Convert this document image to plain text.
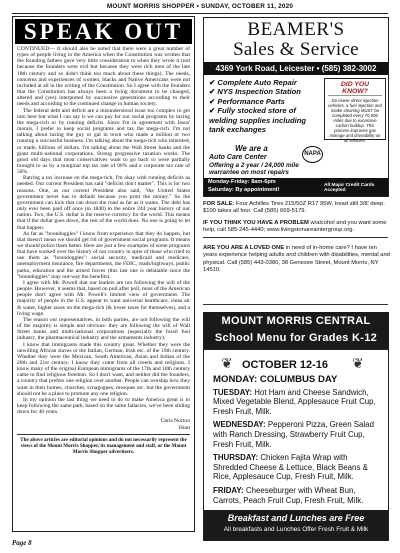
MOUNT MORRIS SHOPPER • SUNDAY, OCTOBER 11, 2020
SPEAK OUT

CONTINUED— It should also be noted that there were a great number of types of people living in the America when the Constitution was written that the founding fathers gave very little consideration to when they wrote it (not because the founders were evil but because they were rich men of the late 18th century and so didn't think too much about these things). The needs, concerns and experiences of women, blacks and Native Americans were not included at all in the writing of the Constitution. So I agree with the founders that the Constitution has always been a living document to be changed, altered and (yes) interpreted by successive generations according to their needs and according to the continued change in human society.

The federal debt and deficit are a misunderstood issue too complex to get into here but what I can say is we can pay for our social programs by taxing the mega-rich or by running deficits. Since I'm in agreement with Jesus' morals, I prefer to keep social programs and tax the mega-rich. I'm not talking about taxing the guy or gal in town who made a million or two running a successful business. I'm talking about the mega-rich who inherited, or made, billions of dollars. I'm talking about the Wall Street banks and the giant multi-national corporations. Strong progressive taxation works. The good old days that most conservatives want to go back to were partially brought to us by a marginal top tax rate of 90% and a corporate tax rate of 50%.

Barring a tax increase on the mega-rich, I'm okay with running deficits as needed. Our current President has said "deficits don't matter". This is for two reasons. One, as our current President also said, "the United States government never has to default because you print the money." So the government can kick that can down the road as far as it wants. The debt has only ever been paid off once (in 1840) in the entire 244 year history of our nation. Two, the U.S. dollar is the reserve currency for the world. This means that if the dollar goes down, the rest of the world does. No one is going to let that happen.

As far as "boondoggles" I know from experience that they do happen, but that doesn't mean we should get rid of government social programs. It means we should police them better. Here are just a few examples of some programs that have worked over the history of our country in spite of those who tried to use them as "boondoggles": social security, medicaid and medicare, unemployment insurance, fire departments, the FDIC, roads/highways, public parks, education and the armed forces (this last one is debatable since the "boondoggles" may out-way the benefits).

I agree with Mr. Powell that our leaders are not following the will of the people. However, it seems that, based on poll after poll, most of the American people don't agree with Mr. Powell's limited view of government. The majority of people in the U.S. appear to want universal healthcare, clean air & water, higher taxes on the mega-rich (& lower taxes for themselves), and a living wage.

The reason our representatives, in both parties, are not following the will of the majority is simple and obvious- they are following the will of Wall Street banks and multi-national corporations (especially the fossil fuel industry, the pharmaceutical industry and the armaments industry).

I know that immigrants made this country great. Whether they were the unwilling African slaves or the Italian, German, Irish etc. of the 19th century. Whether they were the Mexican, South American, Asian and Indian of the 20th and 21st century. I know they come from all creeds and religions. I know many of the original European immigrants of the 17th and 18th century came to find religious freedom. So I don't want, and neither did the founders, a country that prefers one religion over another. People can worship how they want in their homes, churches, synagogues, mosques etc. but the government should not be a place to promote any one religion.

In my opinion the last thing we need to do to make America great is to keep following the same path, based on the same fallacies, we've been sliding down for 40 years.

Chris Norton
Hunt
The above articles are editorial opinions and do not necessarily represent the views of the Mount Morris Shopper, its management and staff, or the Mount Morris Shopper advertisers.
Page 8
BEAMER'S
Sales & Service
4369 York Road, Leicester • (585) 382-3002
✔ Complete Auto Repair
✔ NYS Inspection Station
✔ Performance Parts
✔ Fully stocked store of welding supplies including tank exchanges
DID YOU KNOW?
Do newer direct injection vehicles, a fuel injection and intake cleaning MUST be completed every 70,000 miles due to excessive carbon buildup. This process improves gas mileage and driveability on all vehicles.
We are a
Auto Care Center
Offering a 2 year / 24,000 mile warrantee on most repairs
NAPA
Monday-Friday: 8am-6pm
Saturday: By appointment!
All Major Credit Cards Accepted

FOR SALE: Four Achilles Tires 215/50Z R17 95W, tread still 3/8' deep. $100 takes all four. Call (585) 669-5179.

IF YOU THINK YOU HAVE A PROBLEM w/alcohol and you want some help, call 585-245-4440; www.livingstonareaintergroup.org.

ARE YOU ARE A LOVED ONE in need of in-home care? I have ten years experience helping adults and children with disabilities, mental and physical. Call (585) 443-0380, 38 Genesee Street, Mount Morris, NY 14510.

MOUNT MORRIS CENTRAL
School Menu for Grades K-12
❦	❦
OCTOBER 12-16

MONDAY: COLUMBUS DAY

TUESDAY: Hot Ham and Cheese Sandwich, Mixed Vegetable Blend, Applesauce Fruit Cup, Fresh Fruit, Milk.

WEDNESDAY: Pepperoni Pizza, Green Salad with Ranch Dressing, Strawberry Fruit Cup, Fresh Fruit, Milk.

THURSDAY: Chicken Fajita Wrap with Shredded Cheese & Lettuce, Black Beans & Rice, Applesauce Cup, Fresh Fruit, Milk.

FRIDAY: Cheeseburger with Wheat Bun, Carrots, Peach Fruit Cup, Fresh Fruit, Milk.

Breakfast and Lunches are Free
All breakfasts and Lunches Offer Fresh Fruit & Milk
